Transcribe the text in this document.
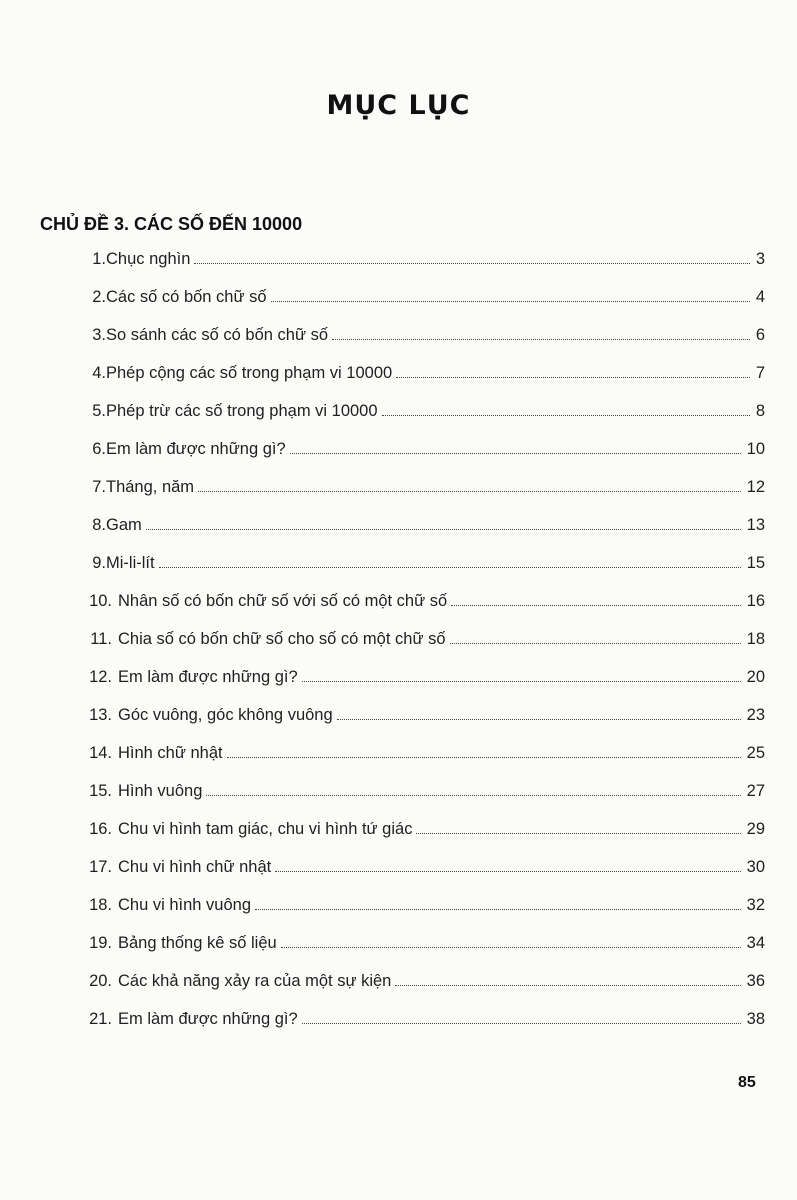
MỤC LỤC
CHỦ ĐỀ 3. CÁC SỐ ĐẾN 10000
1. Chục nghìn	3
2. Các số có bốn chữ số	4
3. So sánh các số có bốn chữ số	6
4. Phép cộng các số trong phạm vi 10000	7
5. Phép trừ các số trong phạm vi 10000	8
6. Em làm được những gì?	10
7. Tháng, năm	12
8. Gam	13
9. Mi-li-lít	15
10. Nhân số có bốn chữ số với số có một chữ số	16
11. Chia số có bốn chữ số cho số có một chữ số	18
12. Em làm được những gì?	20
13. Góc vuông, góc không vuông	23
14. Hình chữ nhật	25
15. Hình vuông	27
16. Chu vi hình tam giác, chu vi hình tứ giác	29
17. Chu vi hình chữ nhật	30
18. Chu vi hình vuông	32
19. Bảng thống kê số liệu	34
20. Các khả năng xảy ra của một sự kiện	36
21. Em làm được những gì?	38
85
